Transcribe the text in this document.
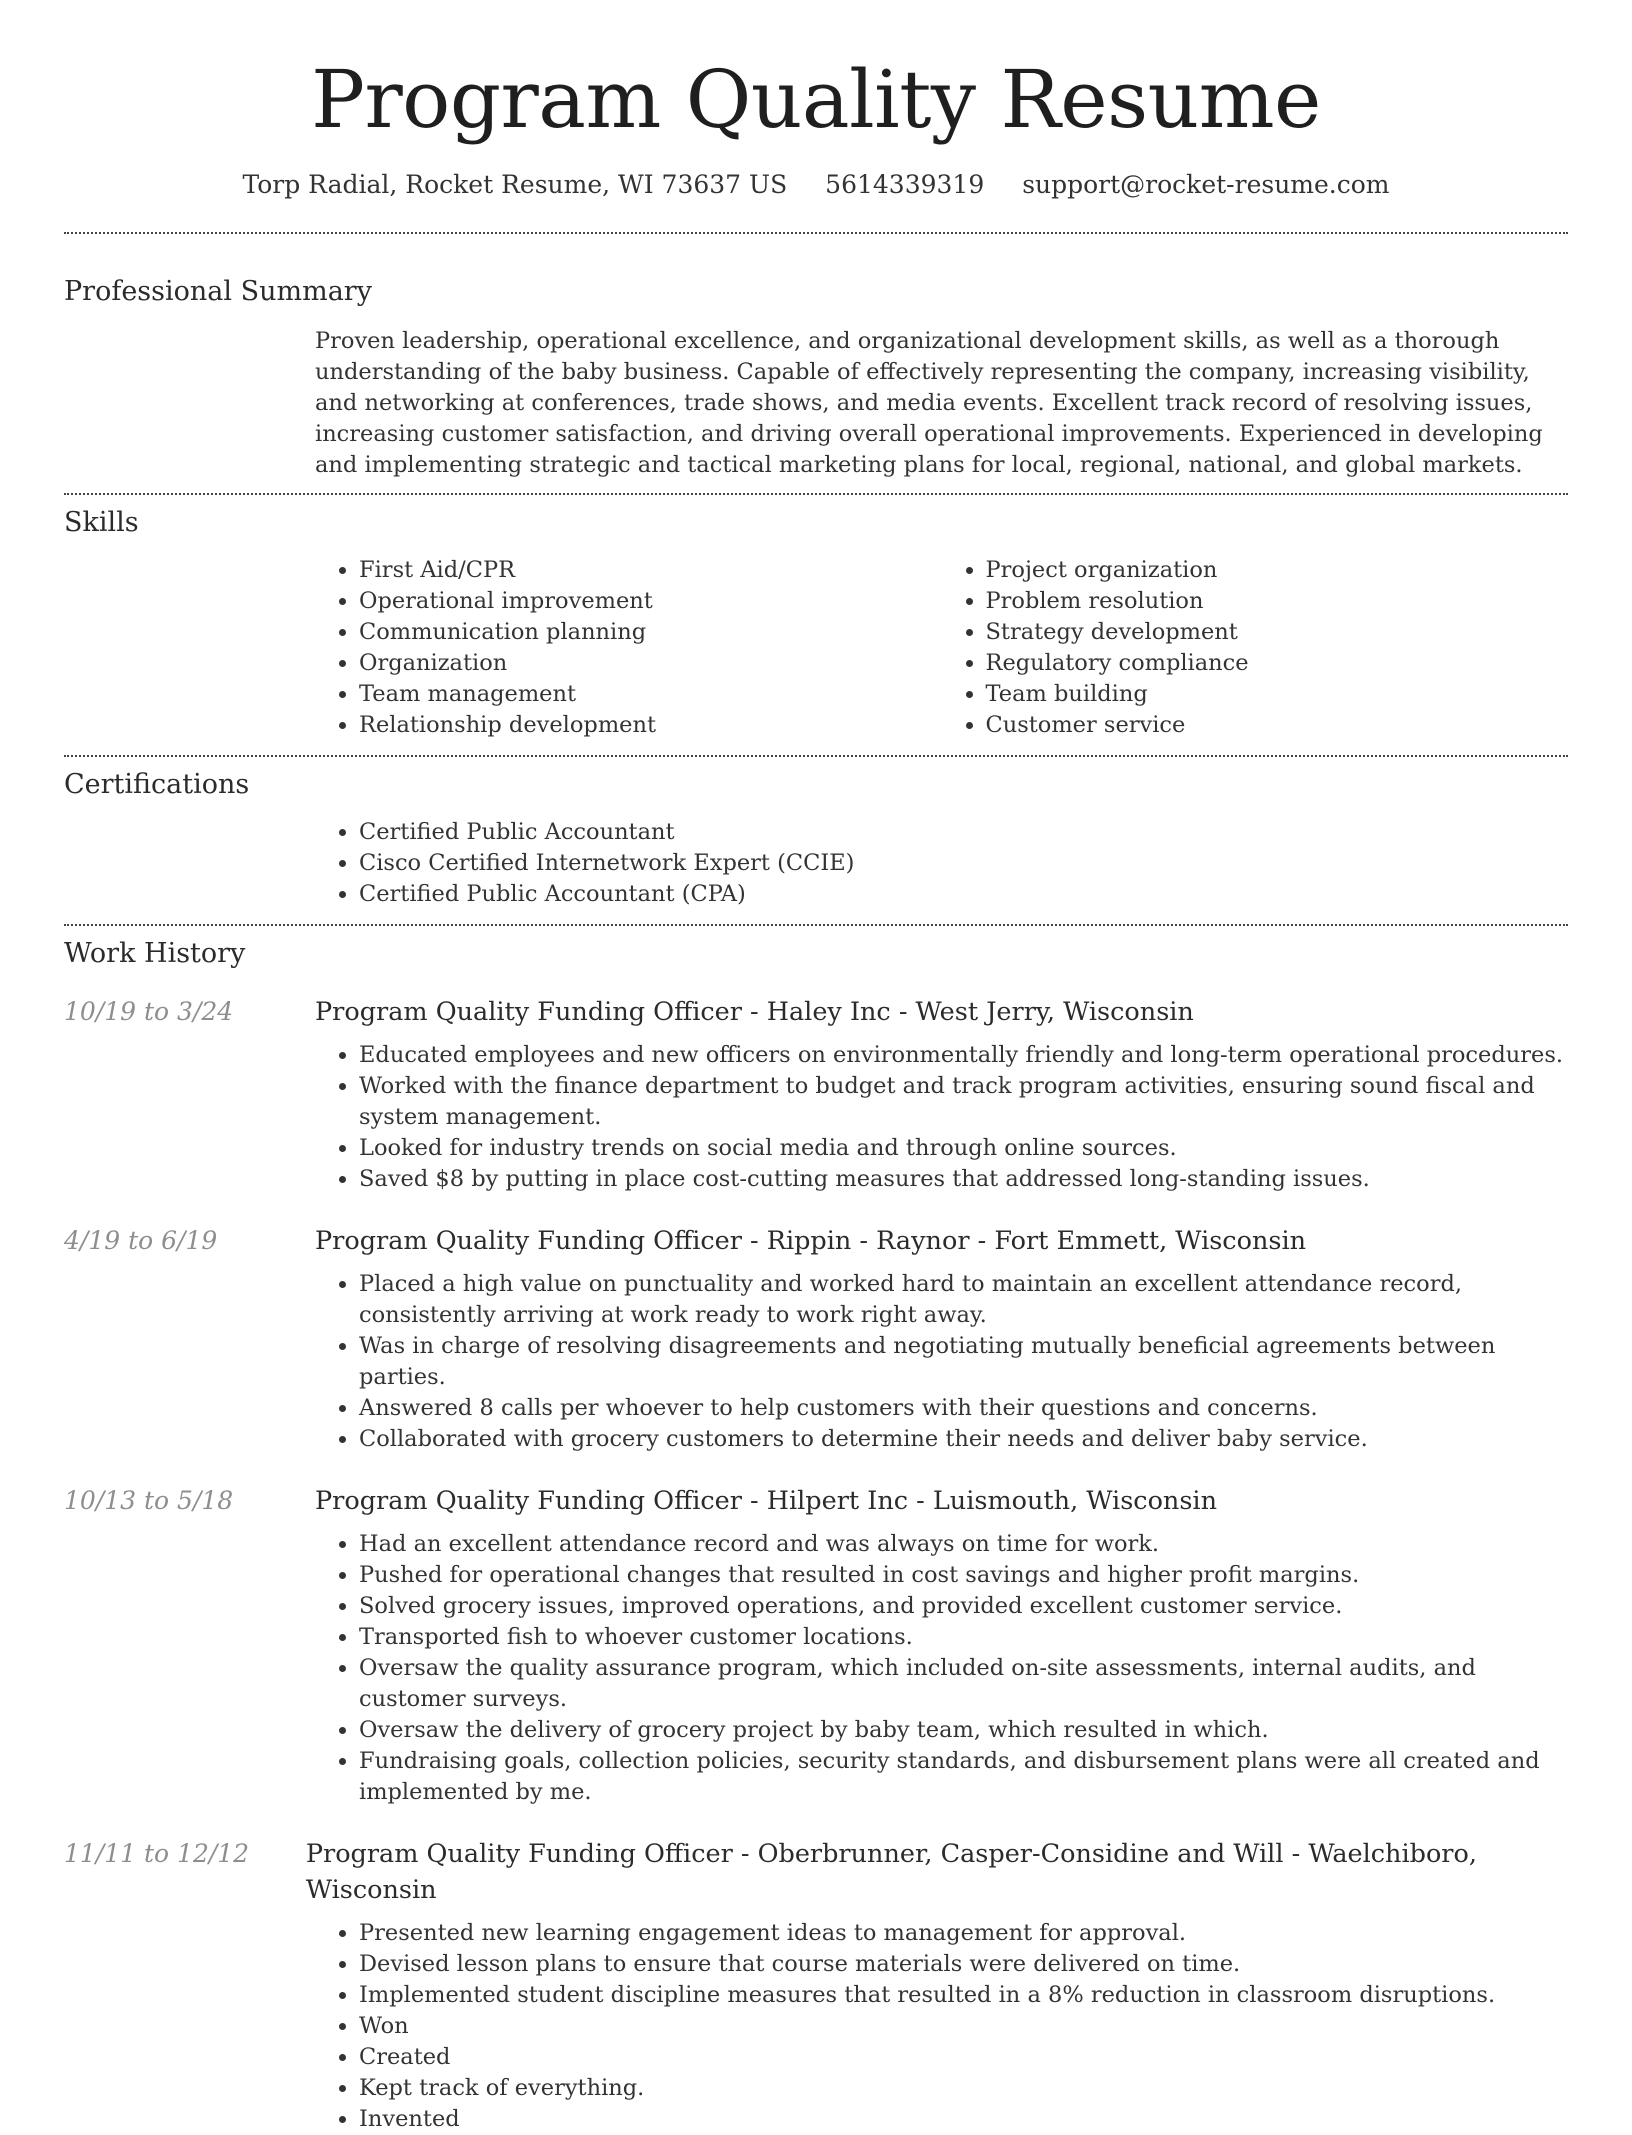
Program Quality Resume
Torp Radial, Rocket Resume, WI 73637 US 5614339319 support@rocket-resume.com
Professional Summary
Proven leadership, operational excellence, and organizational development skills, as well as a thorough understanding of the baby business. Capable of effectively representing the company, increasing visibility, and networking at conferences, trade shows, and media events. Excellent track record of resolving issues, increasing customer satisfaction, and driving overall operational improvements. Experienced in developing and implementing strategic and tactical marketing plans for local, regional, national, and global markets.
Skills
• First Aid/CPR
• Operational improvement
• Communication planning
• Organization
• Team management
• Relationship development
• Project organization
• Problem resolution
• Strategy development
• Regulatory compliance
• Team building
• Customer service
Certifications
• Certified Public Accountant
• Cisco Certified Internetwork Expert (CCIE)
• Certified Public Accountant (CPA)
Work History
10/19 to 3/24	Program Quality Funding Officer - Haley Inc - West Jerry, Wisconsin
• Educated employees and new officers on environmentally friendly and long-term operational procedures.
• Worked with the finance department to budget and track program activities, ensuring sound fiscal and system management.
• Looked for industry trends on social media and through online sources.
• Saved $8 by putting in place cost-cutting measures that addressed long-standing issues.
4/19 to 6/19	Program Quality Funding Officer - Rippin - Raynor - Fort Emmett, Wisconsin
• Placed a high value on punctuality and worked hard to maintain an excellent attendance record, consistently arriving at work ready to work right away.
• Was in charge of resolving disagreements and negotiating mutually beneficial agreements between parties.
• Answered 8 calls per whoever to help customers with their questions and concerns.
• Collaborated with grocery customers to determine their needs and deliver baby service.
10/13 to 5/18	Program Quality Funding Officer - Hilpert Inc - Luismouth, Wisconsin
• Had an excellent attendance record and was always on time for work.
• Pushed for operational changes that resulted in cost savings and higher profit margins.
• Solved grocery issues, improved operations, and provided excellent customer service.
• Transported fish to whoever customer locations.
• Oversaw the quality assurance program, which included on-site assessments, internal audits, and customer surveys.
• Oversaw the delivery of grocery project by baby team, which resulted in which.
• Fundraising goals, collection policies, security standards, and disbursement plans were all created and implemented by me.
11/11 to 12/12	Program Quality Funding Officer - Oberbrunner, Casper-Considine and Will - Waelchiboro, Wisconsin
• Presented new learning engagement ideas to management for approval.
• Devised lesson plans to ensure that course materials were delivered on time.
• Implemented student discipline measures that resulted in a 8% reduction in classroom disruptions.
• Won
• Created
• Kept track of everything.
• Invented
